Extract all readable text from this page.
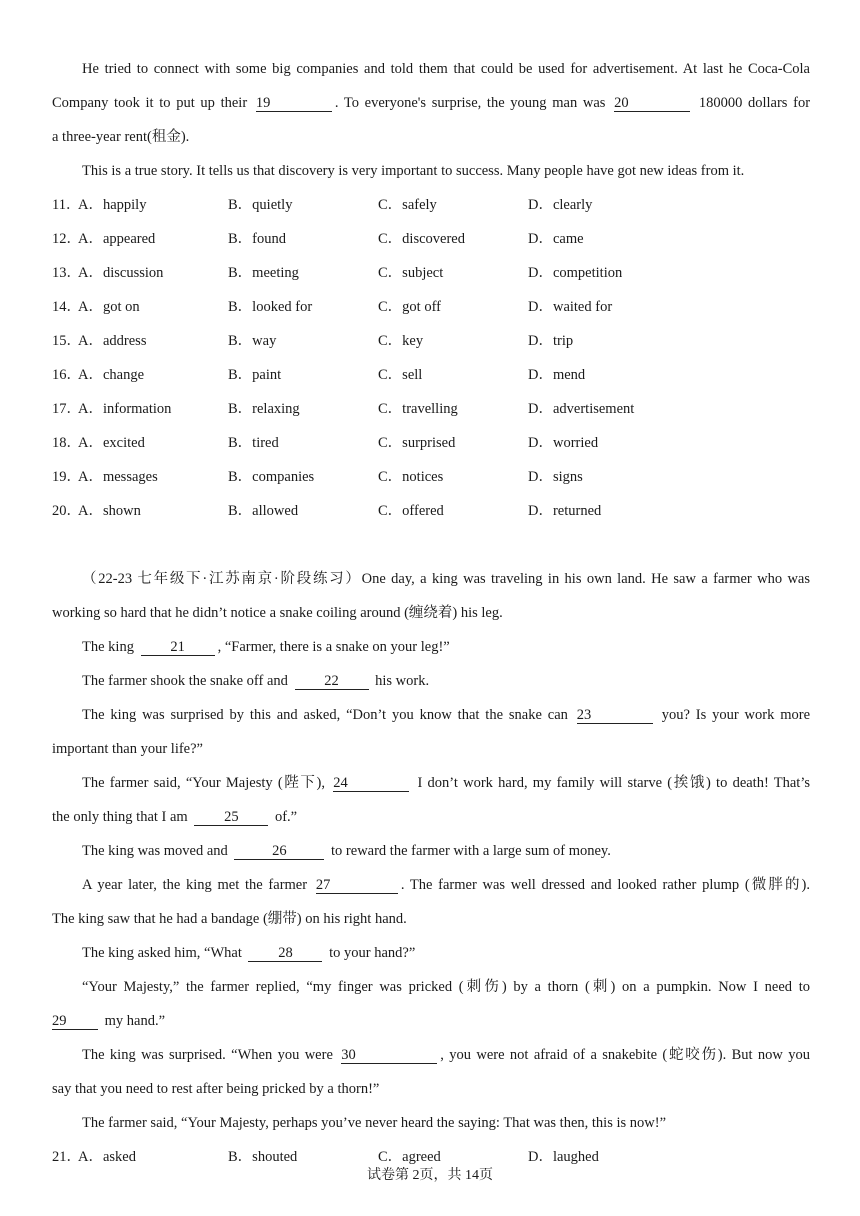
He tried to connect with some big companies and told them that could be used for advertisement. At last he Coca-Cola
Company took it to put up their 19	. To everyone's surprise, the young man was 20	180000 dollars for
a three-year rent(租金).
This is a true story. It tells us that discovery is very important to success. Many people have got new ideas from it.
11．
A．happily	B．quietly	C．safely	D．clearly
12．
A．appeared	B．found	C．discovered	D．came
13．
A．discussion	B．meeting	C．subject	D．competition
14．
A．got on	B．looked for	C．got off	D．waited for
15．
A．address	B．way	C．key	D．trip
16．
A．change	B．paint	C．sell	D．mend
17．
A．information	B．relaxing	C．travelling	D．advertisement
18．
A．excited	B．tired	C．surprised	D．worried
19．
A．messages	B．companies	C．notices	D．signs
20．
A．shown	B．allowed	C．offered	D．returned
（22-23 七年级下·江苏南京·阶段练习）One day, a king was traveling in his own land. He saw a farmer who was
working so hard that he didn’t notice a snake coiling around (缠绕着) his leg.
The king	21 , “Farmer, there is a snake on your leg!”
The farmer shook the snake off and	22	his work.
The king was surprised by this and asked, “Don’t you know that the snake can 23	you? Is your work more
important than your life?”
The farmer said, “Your Majesty (陛下), 24	I don’t work hard, my family will starve (挨饿) to death! That’s
the only thing that I am	25	of.”
The king was moved and	26	to reward the farmer with a large sum of money.
A year later, the king met the farmer 27	. The farmer was well dressed and looked rather plump (微胖的).
The king saw that he had a bandage (绷带) on his right hand.
The king asked him, “What	28	to your hand?”
“Your Majesty,” the farmer replied, “my finger was pricked (刺伤) by a thorn (刺) on a pumpkin. Now I need to
29	my hand.”
The king was surprised. “When you were 30	, you were not afraid of a snakebite (蛇咬伤). But now you
say that you need to rest after being pricked by a thorn!”
The farmer said, “Your Majesty, perhaps you’ve never heard the saying: That was then, this is now!”
21．
A．asked	B．shouted	C．agreed	D．laughed
试卷第 2页，共 14页
